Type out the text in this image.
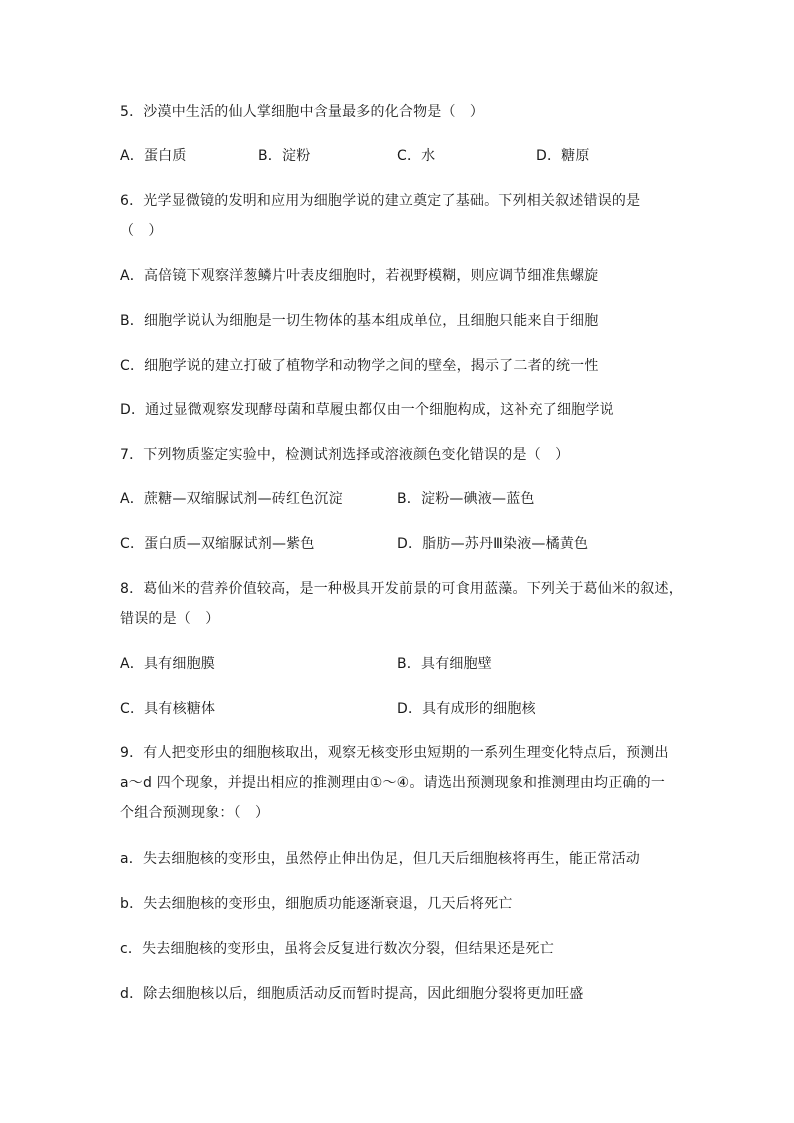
5．沙漠中生活的仙人掌细胞中含量最多的化合物是（　）
A．蛋白质	B．淀粉	C．水	D．糖原
6．光学显微镜的发明和应用为细胞学说的建立奠定了基础。下列相关叙述错误的是
（　）
A．高倍镜下观察洋葱鳞片叶表皮细胞时，若视野模糊，则应调节细准焦螺旋
B．细胞学说认为细胞是一切生物体的基本组成单位，且细胞只能来自于细胞
C．细胞学说的建立打破了植物学和动物学之间的壁垒，揭示了二者的统一性
D．通过显微观察发现酵母菌和草履虫都仅由一个细胞构成，这补充了细胞学说
7．下列物质鉴定实验中，检测试剂选择或溶液颜色变化错误的是（　）
A．蔗糖—双缩脲试剂—砖红色沉淀	B．淀粉—碘液—蓝色
C．蛋白质—双缩脲试剂—紫色	D．脂肪—苏丹Ⅲ染液—橘黄色
8．葛仙米的营养价值较高，是一种极具开发前景的可食用蓝藻。下列关于葛仙米的叙述，
错误的是（　）
A．具有细胞膜	B．具有细胞壁
C．具有核糖体	D．具有成形的细胞核
9．有人把变形虫的细胞核取出，观察无核变形虫短期的一系列生理变化特点后，预测出
a～d 四个现象，并提出相应的推测理由①～④。请选出预测现象和推测理由均正确的一
个组合预测现象：（　）
a．失去细胞核的变形虫，虽然停止伸出伪足，但几天后细胞核将再生，能正常活动
b．失去细胞核的变形虫，细胞质功能逐渐衰退，几天后将死亡
c．失去细胞核的变形虫，虽将会反复进行数次分裂，但结果还是死亡
d．除去细胞核以后，细胞质活动反而暂时提高，因此细胞分裂将更加旺盛
